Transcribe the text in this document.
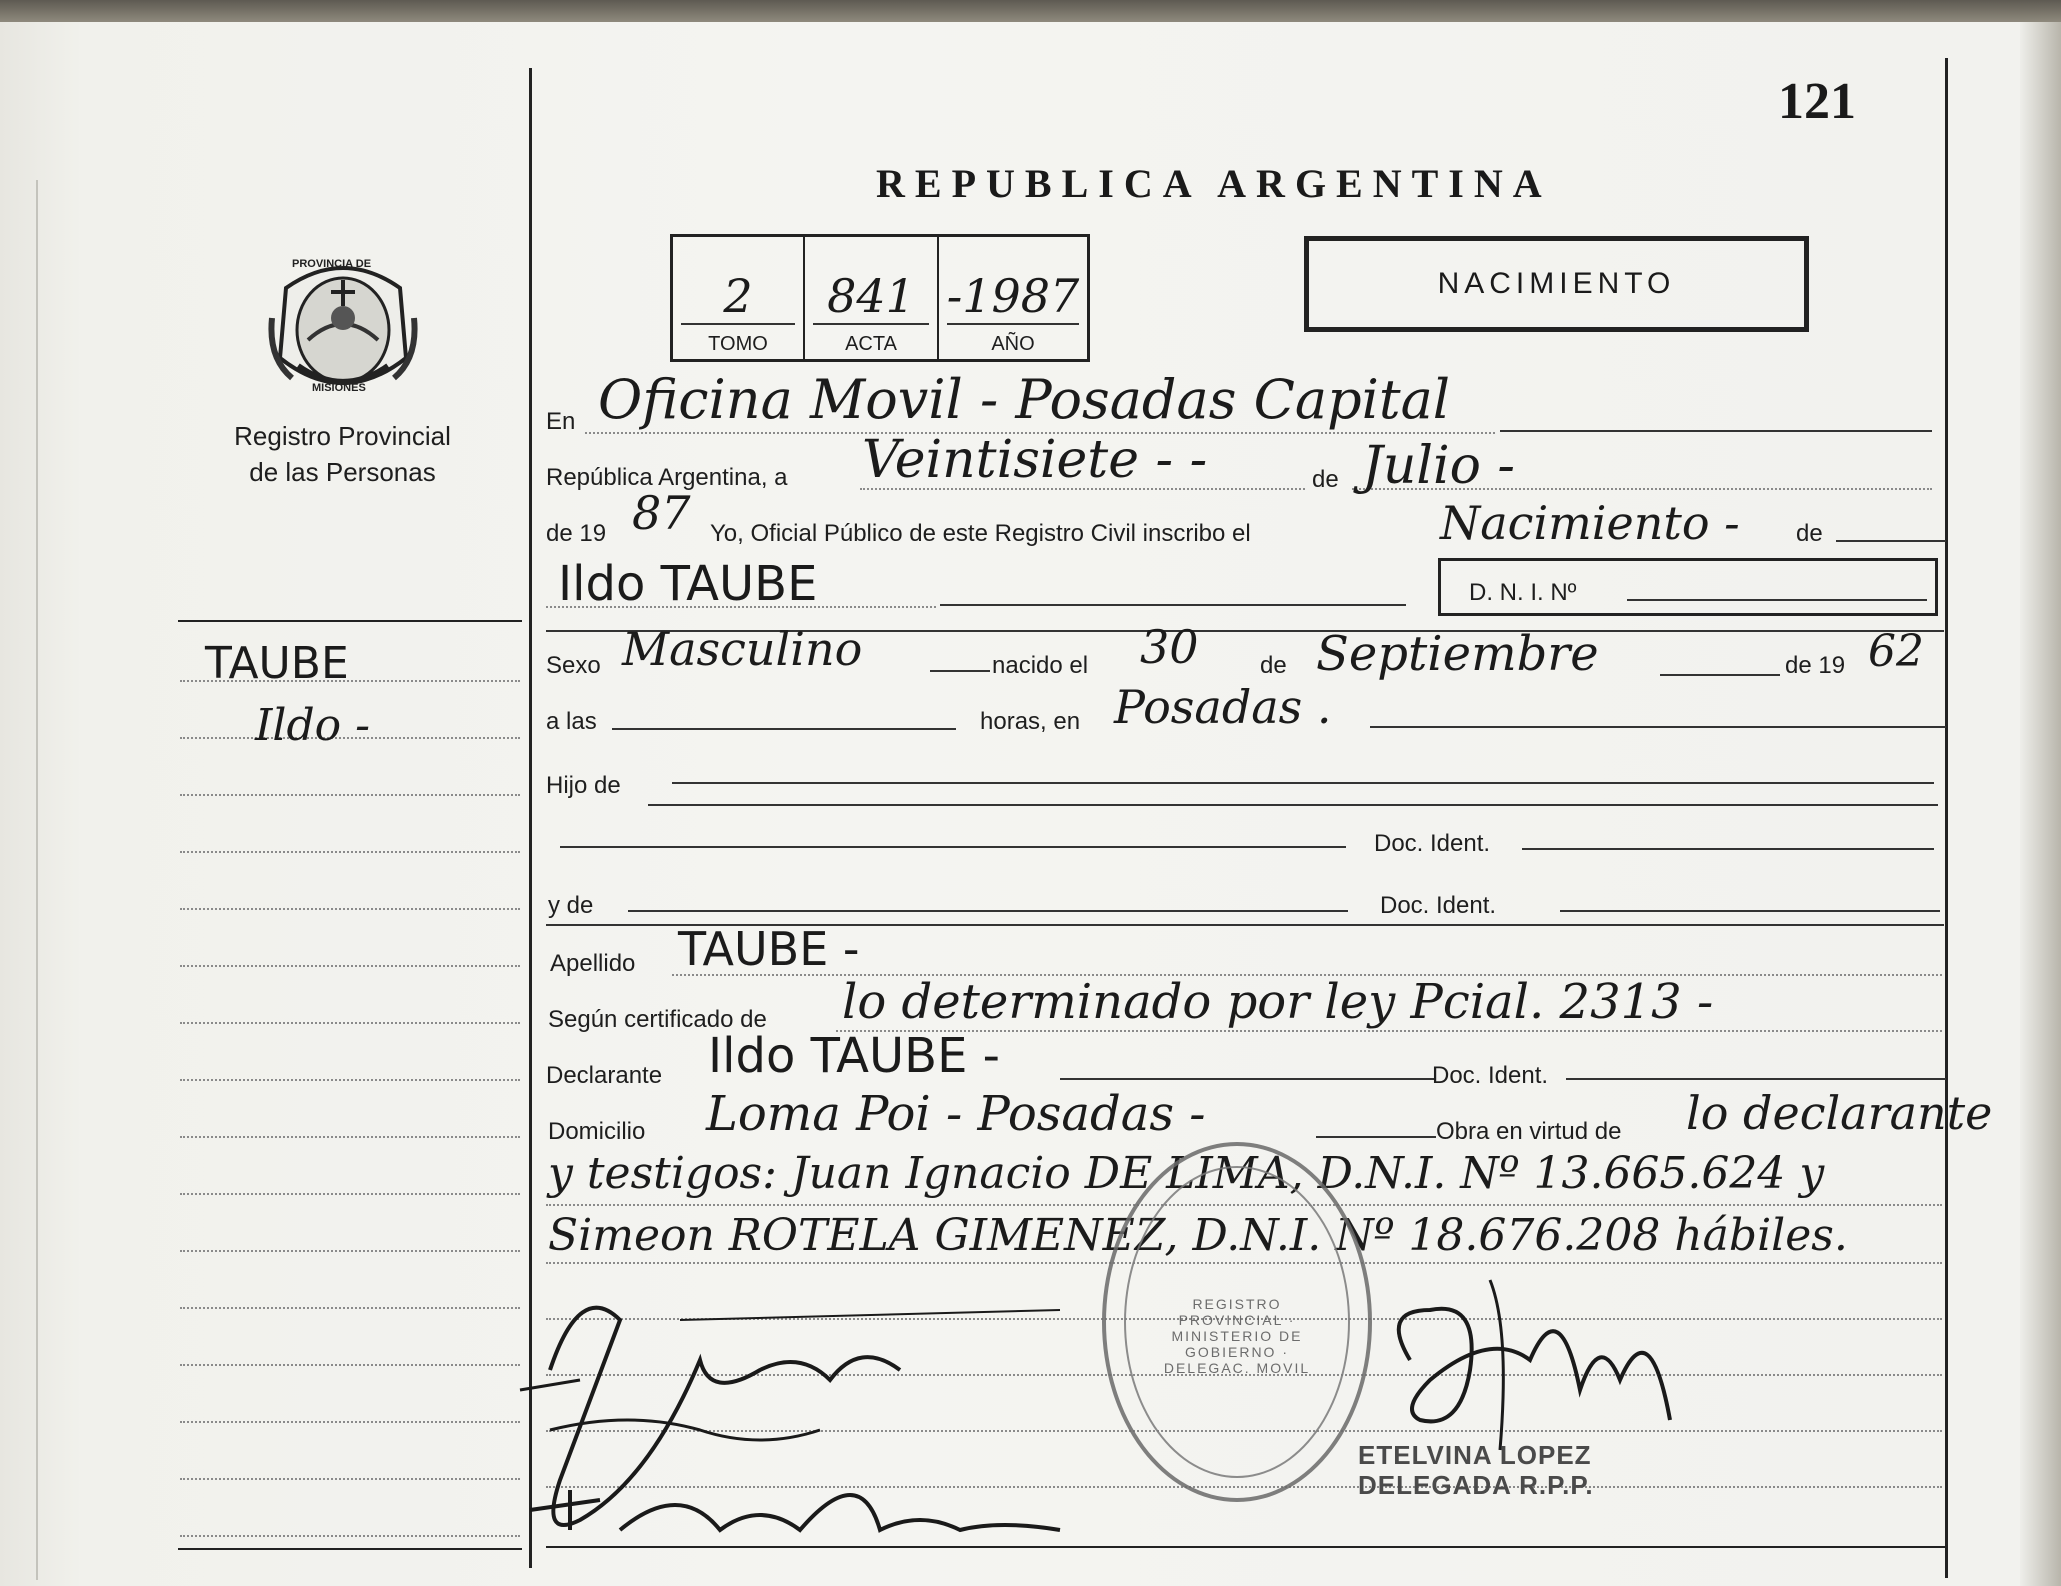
121
REPUBLICA ARGENTINA
PROVINCIA DE
MISIONES
Registro Provincial
de las Personas
2
TOMO
841
ACTA
-1987
AÑO
NACIMIENTO
TAUBE
Ildo -
En Oficina Movil - Posadas Capital
República Argentina, a Veintisiete - -	de Julio -
de 19 87 Yo, Oficial Público de este Registro Civil inscribo el	Nacimiento - de
Ildo TAUBE	D. N. I. Nº
Sexo Masculino	nacido el 30	de Septiembre	de 19 62
a las	horas, en Posadas .
Hijo de
Doc. Ident.
y de	Doc. Ident.
Apellido TAUBE -
Según certificado de lo determinado por ley Pcial. 2313 -
Declarante Ildo TAUBE -	Doc. Ident.
Domicilio Loma Poi - Posadas -	Obra en virtud de lo declarante
y testigos: Juan Ignacio DE LIMA, D.N.I. Nº 13.665.624 y
Simeon ROTELA GIMENEZ, D.N.I. Nº 18.676.208 hábiles.
REGISTRO PROVINCIAL · MINISTERIO DE GOBIERNO · DELEGAC. MOVIL
ETELVINA LOPEZ
DELEGADA R.P.P.
